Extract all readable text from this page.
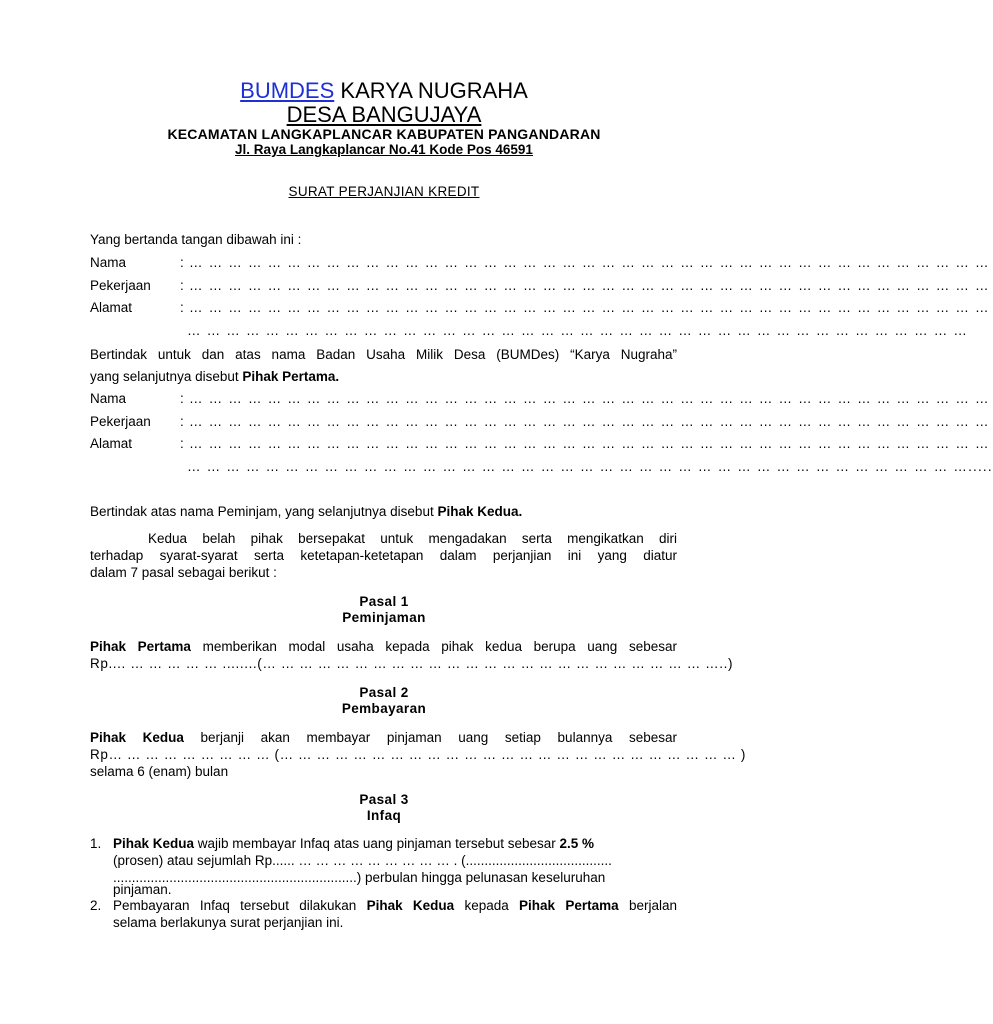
BUMDES KARYA NUGRAHA
DESA BANGUJAYA
KECAMATAN LANGKAPLANCAR KABUPATEN PANGANDARAN
Jl. Raya Langkaplancar No.41 Kode Pos 46591
SURAT PERJANJIAN KREDIT
Yang bertanda tangan dibawah ini :
Nama	: … … … … … … … … … … … … … … … … … … … … … … … … … … … … … … … … … … … … … … … … …
Pekerjaan : … … … … … … … … … … … … … … … … … … … … … … … … … … … … … … … … … … … … … … … … …
Alamat	: … … … … … … … … … … … … … … … … … … … … … … … … … … … … … … … … … … … … … … … … …
… … … … … … … … … … … … … … … … … … … … … … … … … … … … … … … … … … … … … … … …
Bertindak untuk dan atas nama Badan Usaha Milik Desa (BUMDes) “Karya Nugraha”
yang selanjutnya disebut Pihak Pertama.
Nama	: … … … … … … … … … … … … … … … … … … … … … … … … … … … … … … … … … … … … … … … … …
Pekerjaan : … … … … … … … … … … … … … … … … … … … … … … … … … … … … … … … … … … … … … … … … …
Alamat	: … … … … … … … … … … … … … … … … … … … … … … … … … … … … … … … … … … … … … … … … …
… … … … … … … … … … … … … … … … … … … … … … … … … … … … … … … … … … … … … … … ….....
Bertindak atas nama Peminjam, yang selanjutnya disebut Pihak Kedua.
Kedua belah pihak bersepakat untuk mengadakan serta mengikatkan diri
terhadap syarat-syarat serta ketetapan-ketetapan dalam perjanjian ini yang diatur
dalam 7 pasal sebagai berikut :
Pasal 1
Peminjaman
Pihak Pertama memberikan modal usaha kepada pihak kedua berupa uang sebesar
Rp.... … … … … … ........(… … … … … … … … … … … … … … … … … … … … … … … … …..)
Pasal 2
Pembayaran
Pihak Kedua berjanji akan membayar pinjaman uang setiap bulannya sebesar
Rp… … … … … … … … … (… … … … … … … … … … … … … … … … … … … … … … … … … )
selama 6 (enam) bulan
Pasal 3
Infaq
1. Pihak Kedua wajib membayar Infaq atas uang pinjaman tersebut sebesar 2.5 %
(prosen) atau sejumlah Rp...... … … … … … … … … … . (.......................................
.................................................................) perbulan hingga pelunasan keseluruhan
pinjaman.
2. Pembayaran Infaq tersebut dilakukan Pihak Kedua kepada Pihak Pertama berjalan
selama berlakunya surat perjanjian ini.
